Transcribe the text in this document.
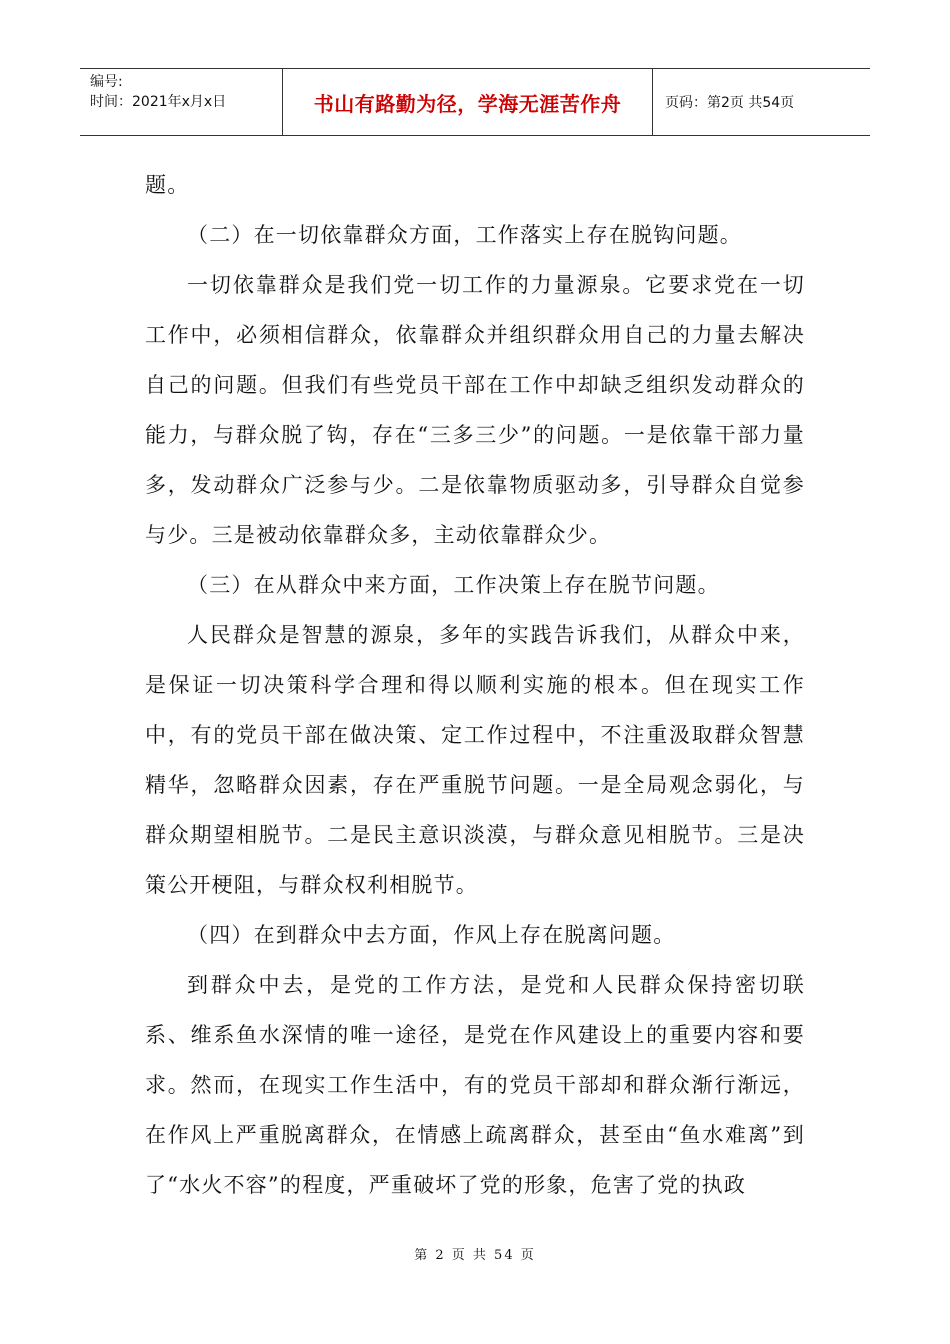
编号:
时间：2021年x月x日	书山有路勤为径，学海无涯苦作舟	页码：第2页 共54页

题。

（二）在一切依靠群众方面，工作落实上存在脱钩问题。

一切依靠群众是我们党一切工作的力量源泉。它要求党在一切工作中，必须相信群众，依靠群众并组织群众用自己的力量去解决自己的问题。但我们有些党员干部在工作中却缺乏组织发动群众的能力，与群众脱了钩，存在“三多三少”的问题。一是依靠干部力量多，发动群众广泛参与少。二是依靠物质驱动多，引导群众自觉参与少。三是被动依靠群众多，主动依靠群众少。

（三）在从群众中来方面，工作决策上存在脱节问题。

人民群众是智慧的源泉，多年的实践告诉我们，从群众中来，是保证一切决策科学合理和得以顺利实施的根本。但在现实工作中，有的党员干部在做决策、定工作过程中，不注重汲取群众智慧精华，忽略群众因素，存在严重脱节问题。一是全局观念弱化，与群众期望相脱节。二是民主意识淡漠，与群众意见相脱节。三是决策公开梗阻，与群众权利相脱节。

（四）在到群众中去方面，作风上存在脱离问题。

到群众中去，是党的工作方法，是党和人民群众保持密切联系、维系鱼水深情的唯一途径，是党在作风建设上的重要内容和要求。然而，在现实工作生活中，有的党员干部却和群众渐行渐远，在作风上严重脱离群众，在情感上疏离群众，甚至由“鱼水难离”到了“水火不容”的程度，严重破坏了党的形象，危害了党的执政

第 2 页 共 54 页
